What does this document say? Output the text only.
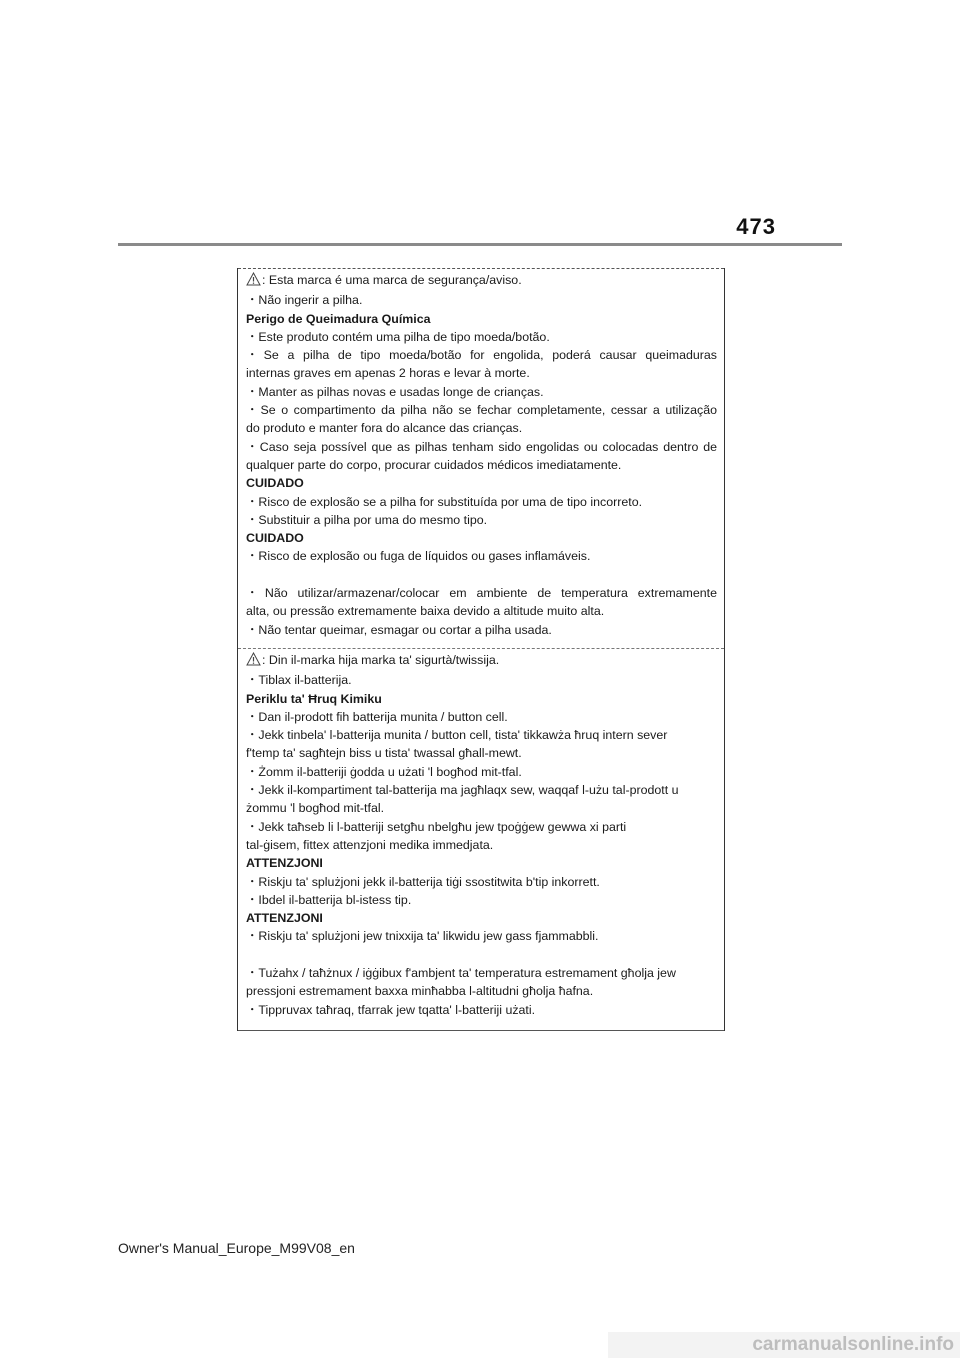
473
: Esta marca é uma marca de segurança/aviso.
・Não ingerir a pilha.
Perigo de Queimadura Química
・Este produto contém uma pilha de tipo moeda/botão.
・Se a pilha de tipo moeda/botão for engolida, poderá causar queimaduras
internas graves em apenas 2 horas e levar à morte.
・Manter as pilhas novas e usadas longe de crianças.
・Se o compartimento da pilha não se fechar completamente, cessar a utilização
do produto e manter fora do alcance das crianças.
・Caso seja possível que as pilhas tenham sido engolidas ou colocadas dentro de
qualquer parte do corpo, procurar cuidados médicos imediatamente.
CUIDADO
・Risco de explosão se a pilha for substituída por uma de tipo incorreto.
・Substituir a pilha por uma do mesmo tipo.
CUIDADO
・Risco de explosão ou fuga de líquidos ou gases inflamáveis.
・Não utilizar/armazenar/colocar em ambiente de temperatura extremamente
alta, ou pressão extremamente baixa devido a altitude muito alta.
・Não tentar queimar, esmagar ou cortar a pilha usada.
: Din il-marka hija marka ta' sigurtà/twissija.
・Tiblax il-batterija.
Periklu ta' Ħruq Kimiku
・Dan il-prodott fih batterija munita / button cell.
・Jekk tinbela' l-batterija munita / button cell, tista' tikkawża ħruq intern sever
f'temp ta' sagħtejn biss u tista' twassal għall-mewt.
・Żomm il-batteriji ġodda u użati 'l bogħod mit-tfal.
・Jekk il-kompartiment tal-batterija ma jagħlaqx sew, waqqaf l-użu tal-prodott u
żommu 'l bogħod mit-tfal.
・Jekk taħseb li l-batteriji setgħu nbelgħu jew tpoġġew gewwa xi parti
tal-ġisem, fittex attenzjoni medika immedjata.
ATTENZJONI
・Riskju ta' splużjoni jekk il-batterija tiġi ssostitwita b'tip inkorrett.
・Ibdel il-batterija bl-istess tip.
ATTENZJONI
・Riskju ta' splużjoni jew tnixxija ta' likwidu jew gass fjammabbli.
・Tużahx / taħżnux / iġġibux f'ambjent ta' temperatura estremament għolja jew
pressjoni estremament baxxa minħabba l-altitudni għolja ħafna.
・Tippruvax taħraq, tfarrak jew tqatta' l-batteriji użati.
Owner's Manual_Europe_M99V08_en
carmanualsonline.info
